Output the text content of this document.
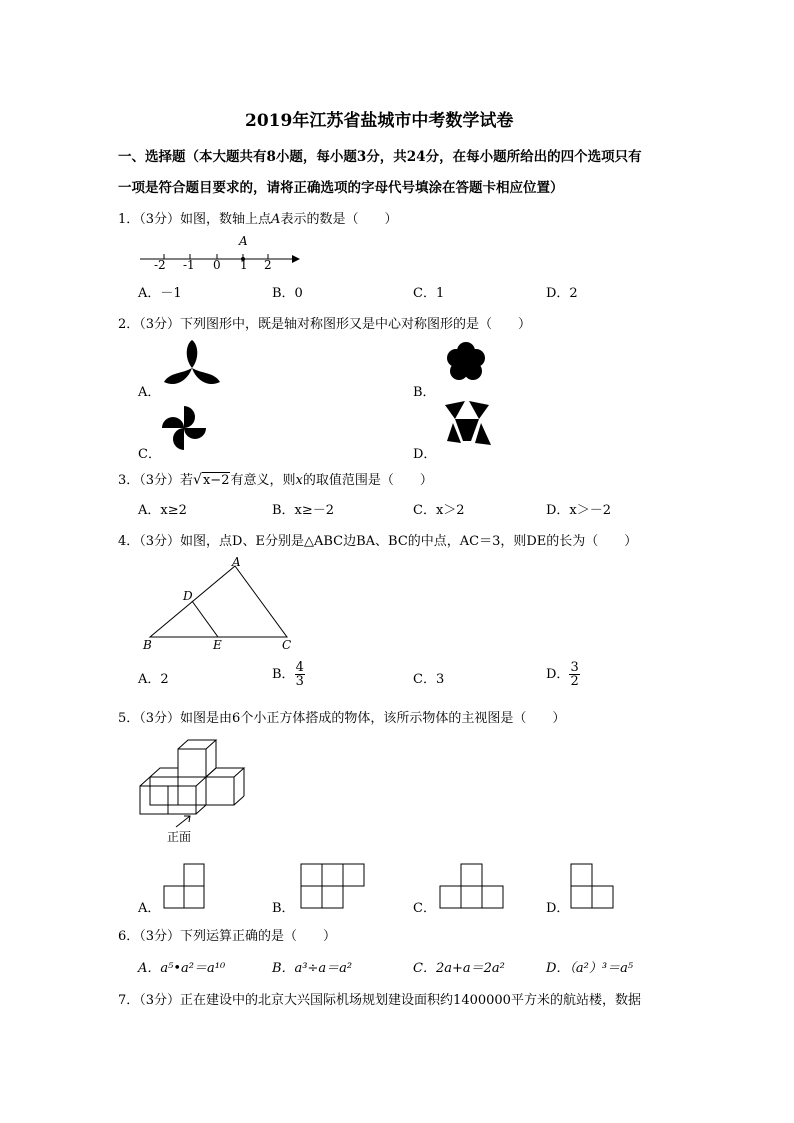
2019年江苏省盐城市中考数学试卷
一、选择题（本大题共有8小题，每小题3分，共24分，在每小题所给出的四个选项只有
一项是符合题目要求的，请将正确选项的字母代号填涂在答题卡相应位置）
1．（3分）如图，数轴上点A表示的数是（　　）
A
-2 -1 0 1 2
A．－1	B．0	C．1	D．2
2．（3分）下列图形中，既是轴对称图形又是中心对称图形的是（　　）
A．	B．
C．	D．
3．（3分）若√x−2有意义，则x的取值范围是（　　）
A．x≥2	B．x≥－2	C．x＞2	D．x＞－2
4．（3分）如图，点D、E分别是△ABC边BA、BC的中点，AC＝3，则DE的长为（　　）
A
B	C
D
E
A．2	B． $\frac{4}{3}$	C．3	D． $\frac{3}{2}$
5．（3分）如图是由6个小正方体搭成的物体，该所示物体的主视图是（　　）
正面
A．	B．	C．	D．
6．（3分）下列运算正确的是（　　）
A．a⁵•a²＝a¹⁰	B．a³÷a＝a²	C．2a+a＝2a²	D．（a²）³＝a⁵
7．（3分）正在建设中的北京大兴国际机场规划建设面积约1400000平方米的航站楼，数据
